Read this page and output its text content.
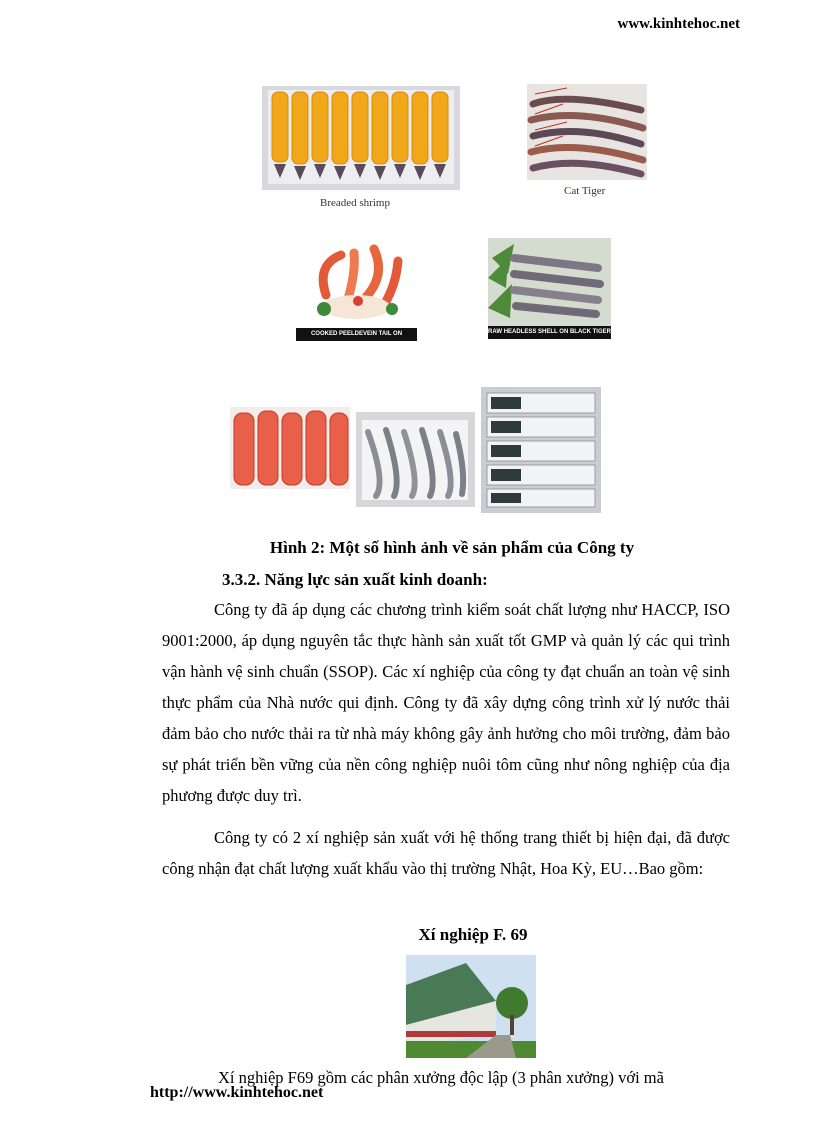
www.kinhtehoc.net
Breaded shrimp
Cat Tiger
COOKED PEELDEVEIN TAIL ON	RAW HEADLESS SHELL ON BLACK TIGER
Hình 2: Một số hình ảnh về sản phẩm của Công ty
3.3.2. Năng lực sản xuất kinh doanh:

Công ty đã áp dụng các chương trình kiểm soát chất lượng như HACCP, ISO 9001:2000, áp dụng nguyên tắc thực hành sản xuất tốt GMP và quản lý các qui trình vận hành vệ sinh chuẩn (SSOP). Các xí nghiệp của công ty đạt chuẩn an toàn vệ sinh thực phẩm của Nhà nước qui định. Công ty đã xây dựng công trình xử lý nước thải đảm bảo cho nước thải ra từ nhà máy không gây ảnh hưởng cho môi trường, đảm bảo sự phát triển bền vững của nền công nghiệp nuôi tôm cũng như nông nghiệp của địa phương được duy trì.

Công ty có 2 xí nghiệp sản xuất với hệ thống trang thiết bị hiện đại, đã được công nhận đạt chất lượng xuất khẩu vào thị trường Nhật, Hoa Kỳ, EU…Bao gồm:

Xí nghiệp F. 69
Xí nghiệp F69 gồm các phân xưởng độc lập (3 phân xưởng) với mã
http://www.kinhtehoc.net
